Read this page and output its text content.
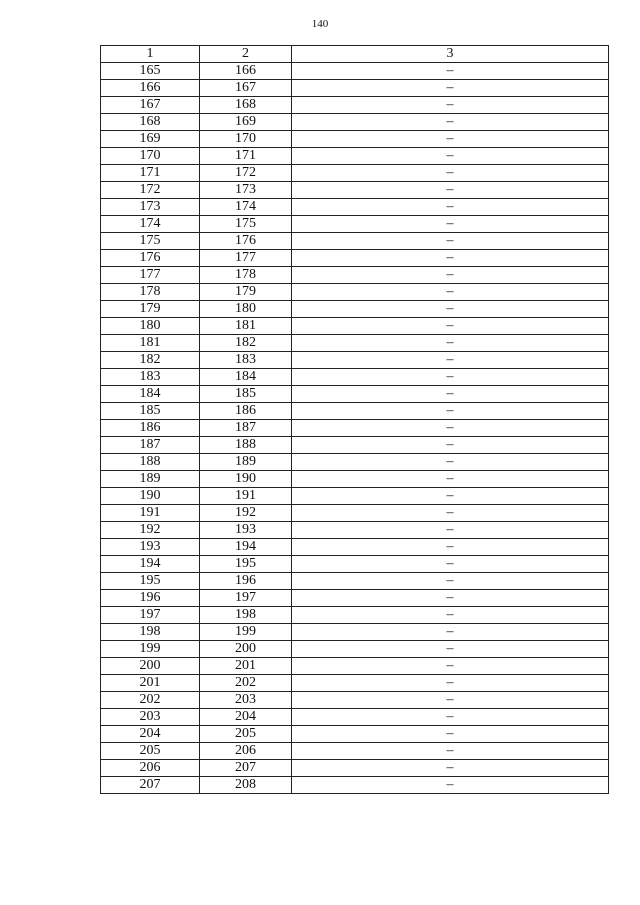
140
1	2	3
165	166	–
166	167	–
167	168	–
168	169	–
169	170	–
170	171	–
171	172	–
172	173	–
173	174	–
174	175	–
175	176	–
176	177	–
177	178	–
178	179	–
179	180	–
180	181	–
181	182	–
182	183	–
183	184	–
184	185	–
185	186	–
186	187	–
187	188	–
188	189	–
189	190	–
190	191	–
191	192	–
192	193	–
193	194	–
194	195	–
195	196	–
196	197	–
197	198	–
198	199	–
199	200	–
200	201	–
201	202	–
202	203	–
203	204	–
204	205	–
205	206	–
206	207	–
207	208	–
